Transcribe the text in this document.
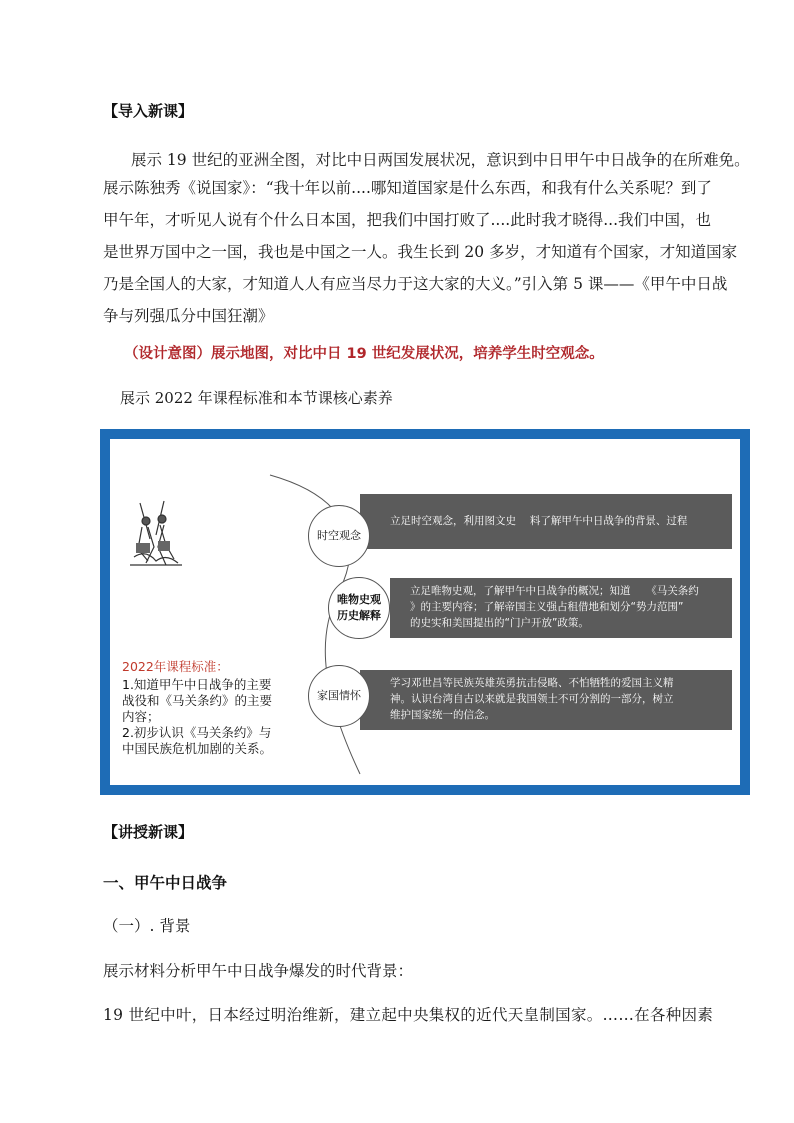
【导入新课】
展示 19 世纪的亚洲全图，对比中日两国发展状况，意识到中日甲午中日战争的在所难免。
展示陈独秀《说国家》：“我十年以前....哪知道国家是什么东西，和我有什么关系呢？到了
甲午年，才听见人说有个什么日本国，把我们中国打败了....此时我才晓得...我们中国，也
是世界万国中之一国，我也是中国之一人。我生长到 20 多岁，才知道有个国家，才知道国家
乃是全国人的大家，才知道人人有应当尽力于这大家的大义。”引入第 5 课——《甲午中日战
争与列强瓜分中国狂潮》
（设计意图）展示地图，对比中日 19 世纪发展状况，培养学生时空观念。
展示 2022 年课程标准和本节课核心素养
立足时空观念，利用图文史　 料了解甲午中日战争的背景、过程
时空观念
立足唯物史观，了解甲午中日战争的概况；知道　　《马关条约
》的主要内容；了解帝国主义强占租借地和划分“势力范围”
的史实和美国提出的“门户开放”政策。
唯物史观
历史解释
学习邓世昌等民族英雄英勇抗击侵略、不怕牺牲的爱国主义精
神。认识台湾自古以来就是我国领土不可分割的一部分，树立
维护国家统一的信念。
家国情怀
2022年课程标准：
1.知道甲午中日战争的主要
战役和《马关条约》的主要
内容；
2.初步认识《马关条约》与
中国民族危机加剧的关系。
【讲授新课】
一、甲午中日战争
（一）. 背景
展示材料分析甲午中日战争爆发的时代背景：
19 世纪中叶，日本经过明治维新，建立起中央集权的近代天皇制国家。……在各种因素
